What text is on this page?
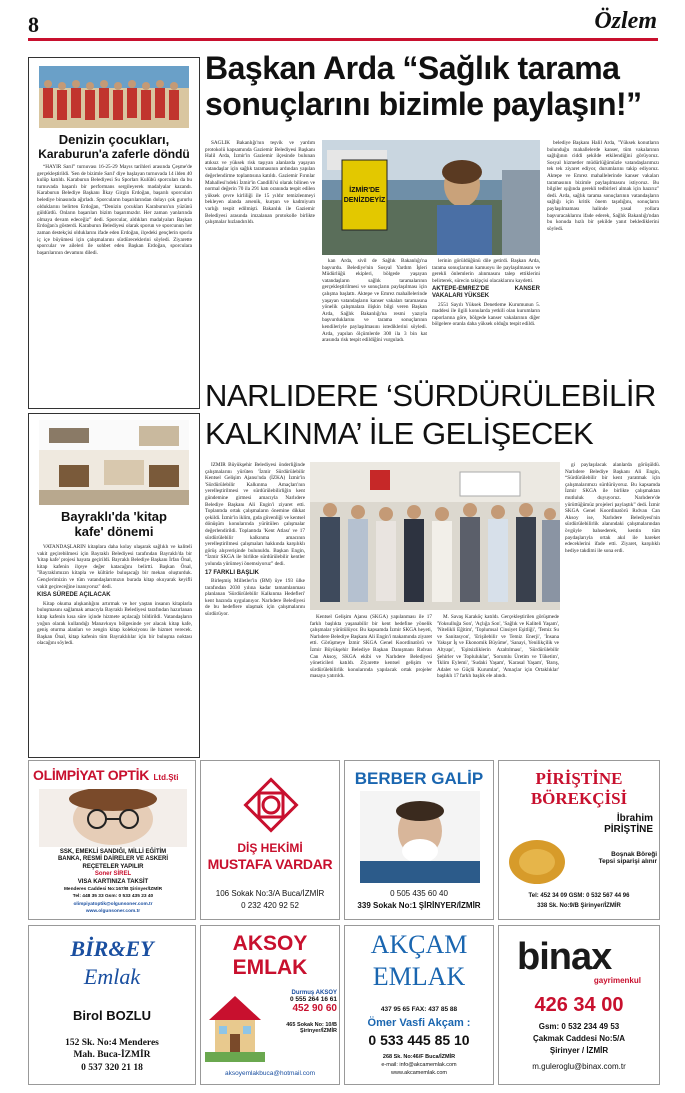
8	Özlem
Başkan Arda “Sağlık tarama
sonuçlarını bizimle paylaşın!”

SAĞLIK Bakanlığı'nın teşvik ve yardım protokolü kapsamında Gaziemir Belediyesi Başkanı Halil Arda, İzmir'in Gaziemir ilçesinde bulunan atıksız ve yüksek risk taşıyan alanlarda yaşayan vatandaşlar için sağlık taramasının ardından yapılan değerlendirme toplantısına katıldı. Gaziemir Fırınlar Mahallesi'ndeki İzmir'in Candilli'si olarak bilinen ve normal değerin 70 ila 291 katı oranında tespit edilen yüksek çevre kirliliği ile 15 yıldır temizlenmeyi bekleyen alanda arsenik, kurşun ve kadmiyum varlığı tespit edilmişti. Bakanlık ile Gaziemir Belediyesi arasında imzalanan protokolle birlikte çalışmalar hızlandırıldı.

İZMİR'DE
DENİZDEYİZ

kan Arda, sivil de Sağlık Bakanlığı'na başvurdu. Belediye'nin Sosyal Yardım İşleri Müdürlüğü ekipleri, bölgede yaşayan vatandaşların sağlık taramalarının gerçekleştirilmesi ve sonuçların paylaşılması için çalışma başlattı. Aktepe ve Emrez mahallelerinde yaşayan vatandaşların kanser vakaları taramasına yönelik çalışmalara ilişkin bilgi veren Başkan Arda, Sağlık Bakanlığı'na resmi yazıyla başvurduklarını ve tarama sonuçlarının kendileriyle paylaşılmasını istediklerini söyledi. Arda, yapılan ölçümlerde 300 ila 3 bin kat arasında risk tespit edildiğini vurguladı.

lerinin görüldüğünü dile getirdi. Başkan Arda, tarama sonuçlarının kamuoyu ile paylaşılmasını ve gerekli önlemlerin alınmasını talep ettiklerini belirterek, sürecin takipçisi olacaklarını kaydetti.

AKTEPE-EMREZ'DE KANSER VAKALARI YÜKSEK

2551 Sayılı Yüksek Denetleme Kurumunun 5. maddesi ile ilgili konularda yetkili olan kurumların raporlarına göre, bölgede kanser vakalarının diğer bölgelere oranla daha yüksek olduğu tespit edildi.

belediye Başkanı Halil Arda, "Yüksek konutların bulunduğu mahallelerde kanser, tüm vakalarının sağlığının ciddi şekilde etkilendiğini görüyoruz. Sosyal hizmetler müdürlüğümüzle vatandaşlarımızı tek tek ziyaret ediyor, durumlarını takip ediyoruz. Aktepe ve Emrez mahallelerinde kanser vakaları taramasının bizimle paylaşılmasını istiyoruz. Bu bilgiler ışığında gerekli tedbirleri almak için hazırız" dedi. Arda, sağlık tarama sonuçlarının vatandaşların sağlığı için kritik önem taşıdığını, sonuçların paylaşılmaması halinde yasal yollara başvuracaklarını ifade ederek, Sağlık Bakanlığı'ndan bu konuda hızlı bir şekilde yanıt beklediklerini söyledi.

Denizin çocukları,
Karaburun'a zaferle döndü

“HAYIR Sarıl” turnuvası 16-25-29 Mayıs tarihleri arasında Çeşme'de gerçekleştirildi. 'Sen de bizimle Sarıl' diye başlayan turnuvada 14 ilden 40 kulüp katıldı. Karaburun Belediyesi Su Sporları Kulübü sporcuları da bu turnuvada başarılı bir performans sergileyerek madalyalar kazandı. Karaburun Belediye Başkanı İlkay Girgin Erdoğan, başarılı sporcuları belediye binasında ağırladı. Sporcuların başarılarından dolayı çok gururlu olduklarını belirten Erdoğan, “Denizin çocukları Karaburun'un yüzünü güldürdü. Onların başarıları bizim başarımızdır. Her zaman yanlarında olmaya devam edeceğiz” dedi. Sporcular, aldıkları madalyaları Başkan Erdoğan'a gösterdi. Karaburun Belediyesi olarak sporun ve sporcunun her zaman destekçisi olduklarını ifade eden Erdoğan, ilçedeki gençlerin sporla iç içe büyümesi için çalışmalarını sürdüreceklerini söyledi. Ziyarette sporcular ve aileleri ile sohbet eden Başkan Erdoğan, sporculara başarılarının devamını diledi.

Bayraklı'da 'kitap
kafe' dönemi

VATANDAŞLARIN kitaplara daha kolay ulaşarak sağlıklı ve kaliteli vakit geçirebilmesi için Bayraklı Belediyesi tarafından Bayraklı'da bir 'kitap kafe' projesi hayata geçirildi. Bayraklı Belediye Başkanı İrfan Önal, kitap kafenin ilçeye değer katacağını belirtti. Başkan Önal, "Bayraklımızın kitapla ve kültürle buluşacağı bir mekan oluşturduk. Gençlerimizin ve tüm vatandaşlarımızın burada kitap okuyarak keyifli vakit geçireceğine inanıyoruz" dedi.

KISA SÜREDE AÇILACAK

Kitap okuma alışkanlığını artırmak ve her yaştan insanın kitaplarla buluşmasını sağlamak amacıyla Bayraklı Belediyesi tarafından hazırlanan kitap kafenin kısa süre içinde hizmete açılacağı bildirildi. Vatandaşların yoğun olarak kullandığı Manavkuyu bölgesinde yer alacak kitap kafe, geniş oturma alanları ve zengin kitap koleksiyonu ile hizmet verecek. Başkan Önal, kitap kafenin tüm Bayraklılılar için bir buluşma noktası olacağını söyledi.

NARLIDERE ‘SÜRDÜRÜLEBİLİR
KALKINMA’ İLE GELİŞECEK

İZMİR Büyükşehir Belediyesi önderliğinde çalışmalarını yürüten 'İzmir Sürdürülebilir Kentsel Gelişim Ajansı'nda (İZKA) İzmir'in 'Sürdürülebilir Kalkınma Amaçları'nın yerelleştirilmesi ve sürdürülebilirliğin kent gündemine girmesi amacıyla Narlıdere Belediye Başkanı Ali Engin'i ziyaret etti. Toplantıda ortak çalışmaların önemine dikkat çekildi. İzmir'in iklim, gıda güvenliği ve kentsel dönüşüm konularında yürütülen çalışmalar değerlendirildi. Toplantıda 'Kent Atlası' ve 17 sürdürülebilir kalkınma amacının yerelleştirilmesi çalışmaları hakkında karşılıklı görüş alışverişinde bulunuldu. Başkan Engin, “İzmir SKGA ile birlikte sürdürülebilir kentler yolunda yürümeyi önemsiyoruz” dedi.

17 FARKLI BAŞLIK

Birleşmiş Milletler'in (BM) üye 193 ülke tarafından 2030 yılına kadar tamamlanması planlanan 'Sürdürülebilir Kalkınma Hedefleri' kent bazında uygulanıyor. Narlıdere Belediyesi de bu hedeflere ulaşmak için çalışmalarını sürdürüyor.	Kentsel Gelişim Ajansı (SKGA) yapılanması ile 17 farklı başlıkta yaşanabilir bir kent hedefine yönelik çalışmalar yürütülüyor. Bu kapsamda İzmir SKGA heyeti, Narlıdere Belediye Başkanı Ali Engin'i makamında ziyaret etti. Görüşmeye İzmir SKGA Genel Koordinatörü ve İzmir Büyükşehir Belediye Başkan Danışmanı Rıdvan Can Aksoy, SKGA ekibi ve Narlıdere Belediyesi yöneticileri katıldı. Ziyarette kentsel gelişim ve sürdürülebilirlik konularında yapılacak ortak projeler masaya yatırıldı.

M. Savaş Karaköç katıldı. Gerçekleştirilen görüşmede 'Yoksulluğa Son', 'Açlığa Son', 'Sağlık ve Kaliteli Yaşam', 'Nitelikli Eğitim', 'Toplumsal Cinsiyet Eşitliği', 'Temiz Su ve Sanitasyon', 'Erişilebilir ve Temiz Enerji', 'İnsana Yakışır İş ve Ekonomik Büyüme', 'Sanayi, Yenilikçilik ve Altyapı', 'Eşitsizliklerin Azaltılması', 'Sürdürülebilir Şehirler ve Topluluklar', 'Sorumlu Üretim ve Tüketim', 'İklim Eylemi', 'Sudaki Yaşam', 'Karasal Yaşam', 'Barış, Adalet ve Güçlü Kurumlar', 'Amaçlar için Ortaklıklar' başlıklı 17 farklı başlık ele alındı.

gi paylaşılacak alanlarda görüşüldü. Narlıdere Belediye Başkanı Ali Engin, “Sürdürülebilir bir kent yaratmak için çalışmalarımızı sürdürüyoruz. Bu kapsamda İzmir SKGA ile birlikte çalışmaktan mutluluk duyuyoruz. Narlıdere'de yürüttüğümüz projeleri paylaştık” dedi. İzmir SKGA Genel Koordinatörü Rıdvan Can Aksoy ise, Narlıdere Belediyesi'nin sürdürülebilirlik alanındaki çalışmalarından övgüyle bahsederek, kentin tüm paydaşlarıyla ortak akıl ile hareket edeceklerini ifade etti. Ziyaret, karşılıklı hediye takdimi ile sona erdi.

OLİMPİYAT OPTİK Ltd.Şti
SSK, EMEKLİ SANDIĞI, MİLLİ EĞİTİM
BANKA, RESMİ DAİRELER VE ASKERİ
REÇETELER YAPILIR
Soner SİREL
VISA KARTINIZA TAKSİT
Menderes Caddesi No:167/B Şirinyer/İZMİR
Tel: 448 35 33 Gsm: 0 533 435 23 40
olimpiyatoptik@olgunsoner.com.tr
www.olgunsoner.com.tr
DİŞ HEKİMİ
MUSTAFA VARDAR
106 Sokak No:3/A Buca/İZMİR
0 232 420 92 52
BERBER GALİP
0 505 435 60 40
339 Sokak No:1 ŞİRİNYER/İZMİR
PİRİŞTİNE
BÖREKÇİSİ
İbrahim
PİRİŞTİNE
Boşnak Böreği
Tepsi siparişi alınır
Tel: 452 34 09 GSM: 0 532 567 44 96
338 Sk. No:9/B Şirinyer/İZMİR
BİR&EY
Emlak
Birol BOZLU
152 Sk. No:4 Menderes
Mah. Buca-İZMİR
0 537 320 21 18
AKSOY
EMLAK
Durmuş AKSOY
0 555 264 16 61
452 90 60
465 Sokak No: 10/B
Şirinyer/İZMİR
aksoyemlakbuca@hotmail.com
AKÇAM
EMLAK
437 95 65 FAX: 437 85 88
Ömer Vasfi Akçam :
0 533 445 85 10
268 Sk. No:46/F Buca/İZMİR
e-mail: info@akcamemlak.com
www.akcamemlak.com
binax
gayrimenkul
426 34 00
Gsm: 0 532 234 49 53
Çakmak Caddesi No:5/A
Şirinyer / İZMİR
m.guleroglu@binax.com.tr
